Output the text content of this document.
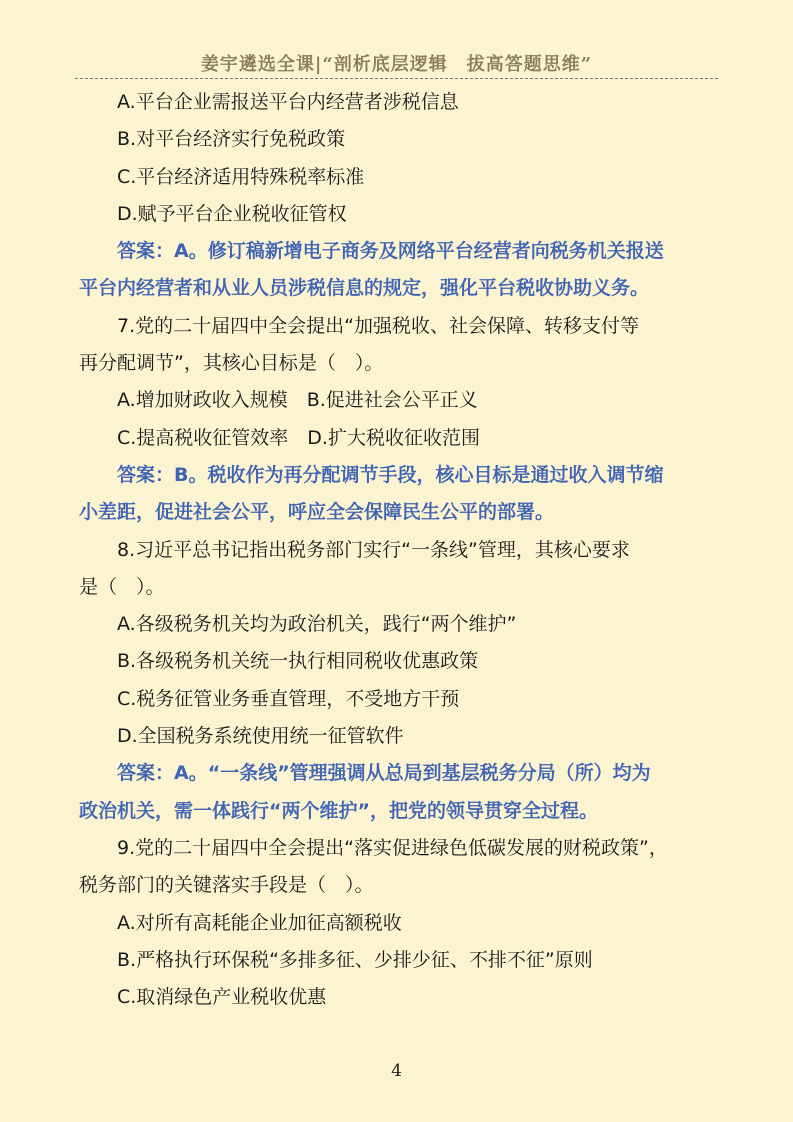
姜宇遴选全课|“剖析底层逻辑　拔高答题思维”
A.平台企业需报送平台内经营者涉税信息
B.对平台经济实行免税政策
C.平台经济适用特殊税率标准
D.赋予平台企业税收征管权
答案：A。修订稿新增电子商务及网络平台经营者向税务机关报送
平台内经营者和从业人员涉税信息的规定，强化平台税收协助义务。
7.党的二十届四中全会提出“加强税收、社会保障、转移支付等
再分配调节”，其核心目标是（　）。
A.增加财政收入规模　B.促进社会公平正义
C.提高税收征管效率　D.扩大税收征收范围
答案：B。税收作为再分配调节手段，核心目标是通过收入调节缩
小差距，促进社会公平，呼应全会保障民生公平的部署。
8.习近平总书记指出税务部门实行“一条线”管理，其核心要求
是（　）。
A.各级税务机关均为政治机关，践行“两个维护”
B.各级税务机关统一执行相同税收优惠政策
C.税务征管业务垂直管理，不受地方干预
D.全国税务系统使用统一征管软件
答案：A。“一条线”管理强调从总局到基层税务分局（所）均为
政治机关，需一体践行“两个维护”，把党的领导贯穿全过程。
9.党的二十届四中全会提出“落实促进绿色低碳发展的财税政策”，
税务部门的关键落实手段是（　）。
A.对所有高耗能企业加征高额税收
B.严格执行环保税“多排多征、少排少征、不排不征”原则
C.取消绿色产业税收优惠
4
